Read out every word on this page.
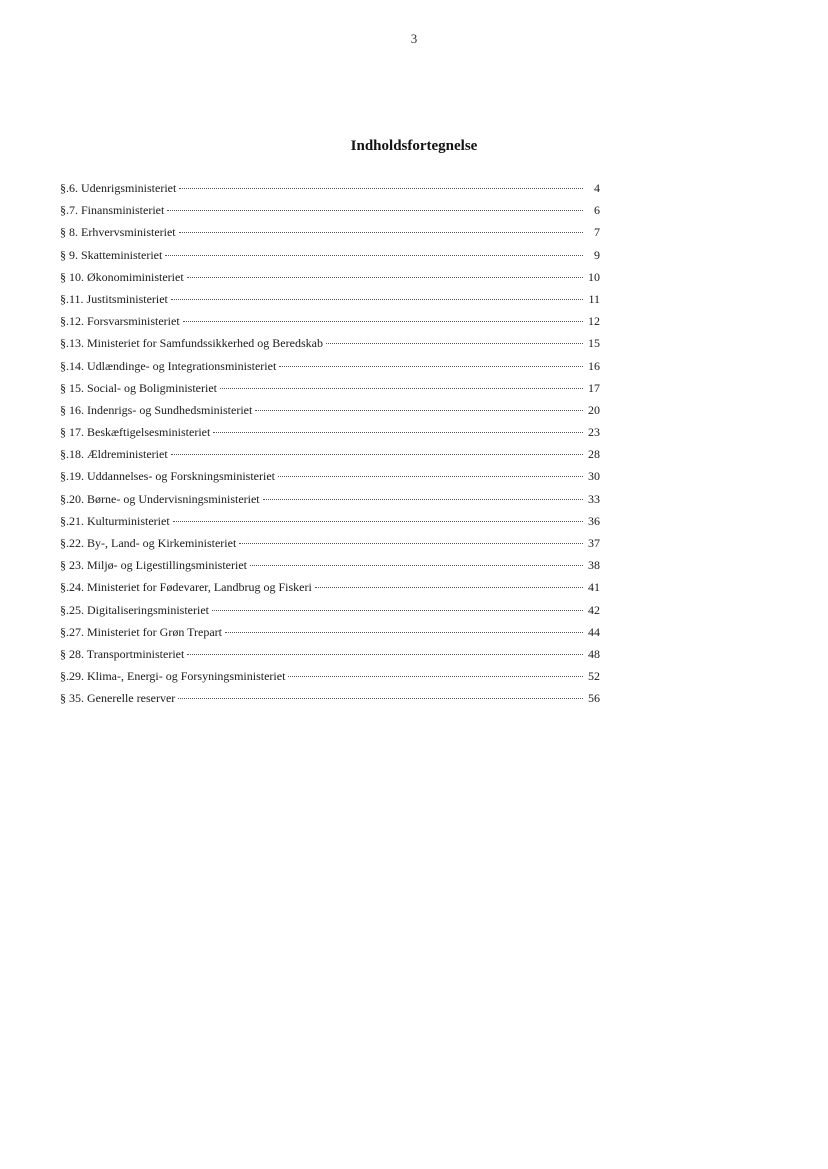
3
Indholdsfortegnelse
§.6. Udenrigsministeriet	4
§.7. Finansministeriet	6
§ 8. Erhvervsministeriet	7
§ 9. Skatteministeriet	9
§ 10. Økonomiministeriet	10
§.11. Justitsministeriet	11
§.12. Forsvarsministeriet	12
§.13. Ministeriet for Samfundssikkerhed og Beredskab	15
§.14. Udlændinge- og Integrationsministeriet	16
§ 15. Social- og Boligministeriet	17
§ 16. Indenrigs- og Sundhedsministeriet	20
§ 17. Beskæftigelsesministeriet	23
§.18. Ældreministeriet	28
§.19. Uddannelses- og Forskningsministeriet	30
§.20. Børne- og Undervisningsministeriet	33
§.21. Kulturministeriet	36
§.22. By-, Land- og Kirkeministeriet	37
§ 23. Miljø- og Ligestillingsministeriet	38
§.24. Ministeriet for Fødevarer, Landbrug og Fiskeri	41
§.25. Digitaliseringsministeriet	42
§.27. Ministeriet for Grøn Trepart	44
§ 28. Transportministeriet	48
§.29. Klima-, Energi- og Forsyningsministeriet	52
§ 35. Generelle reserver	56
